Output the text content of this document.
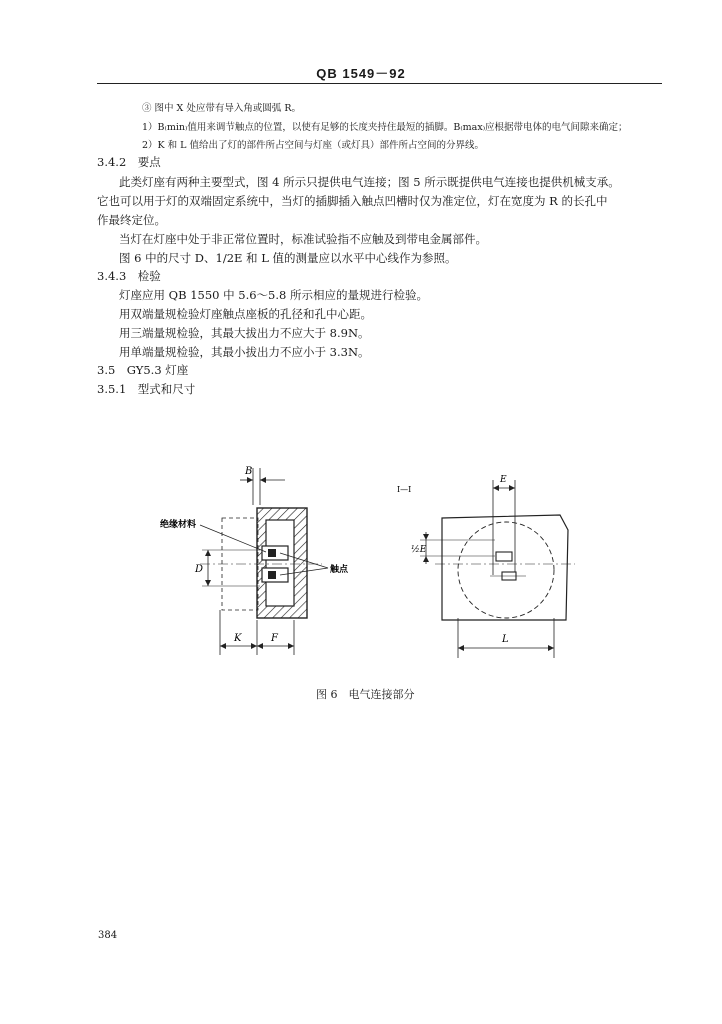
QB 1549－92
③ 图中 X 处应带有导入角或圆弧 R。
1）B₍min₎值用来调节触点的位置，以使有足够的长度夹持住最短的插脚。B₍max₎应根据带电体的电气间隙来确定；
2）K 和 L 值给出了灯的部件所占空间与灯座（或灯具）部件所占空间的分界线。
3.4.2　要点
此类灯座有两种主要型式，图 4 所示只提供电气连接；图 5 所示既提供电气连接也提供机械支承。
它也可以用于灯的双端固定系统中，当灯的插脚插入触点凹槽时仅为准定位，灯在宽度为 R 的长孔中
作最终定位。
当灯在灯座中处于非正常位置时，标准试验指不应触及到带电金属部件。
图 6 中的尺寸 D、1/2E 和 L 值的测量应以水平中心线作为参照。
3.4.3　检验
灯座应用 QB 1550 中 5.6～5.8 所示相应的量规进行检验。
用双端量规检验灯座触点座板的孔径和孔中心距。
用三端量规检验，其最大拔出力不应大于 8.9N。
用单端量规检验，其最小拔出力不应小于 3.3N。
3.5　GY5.3 灯座
3.5.1　型式和尺寸
B
绝缘材料
D	触点
K	F
I—I
E
½E
L
图 6　电气连接部分
384
